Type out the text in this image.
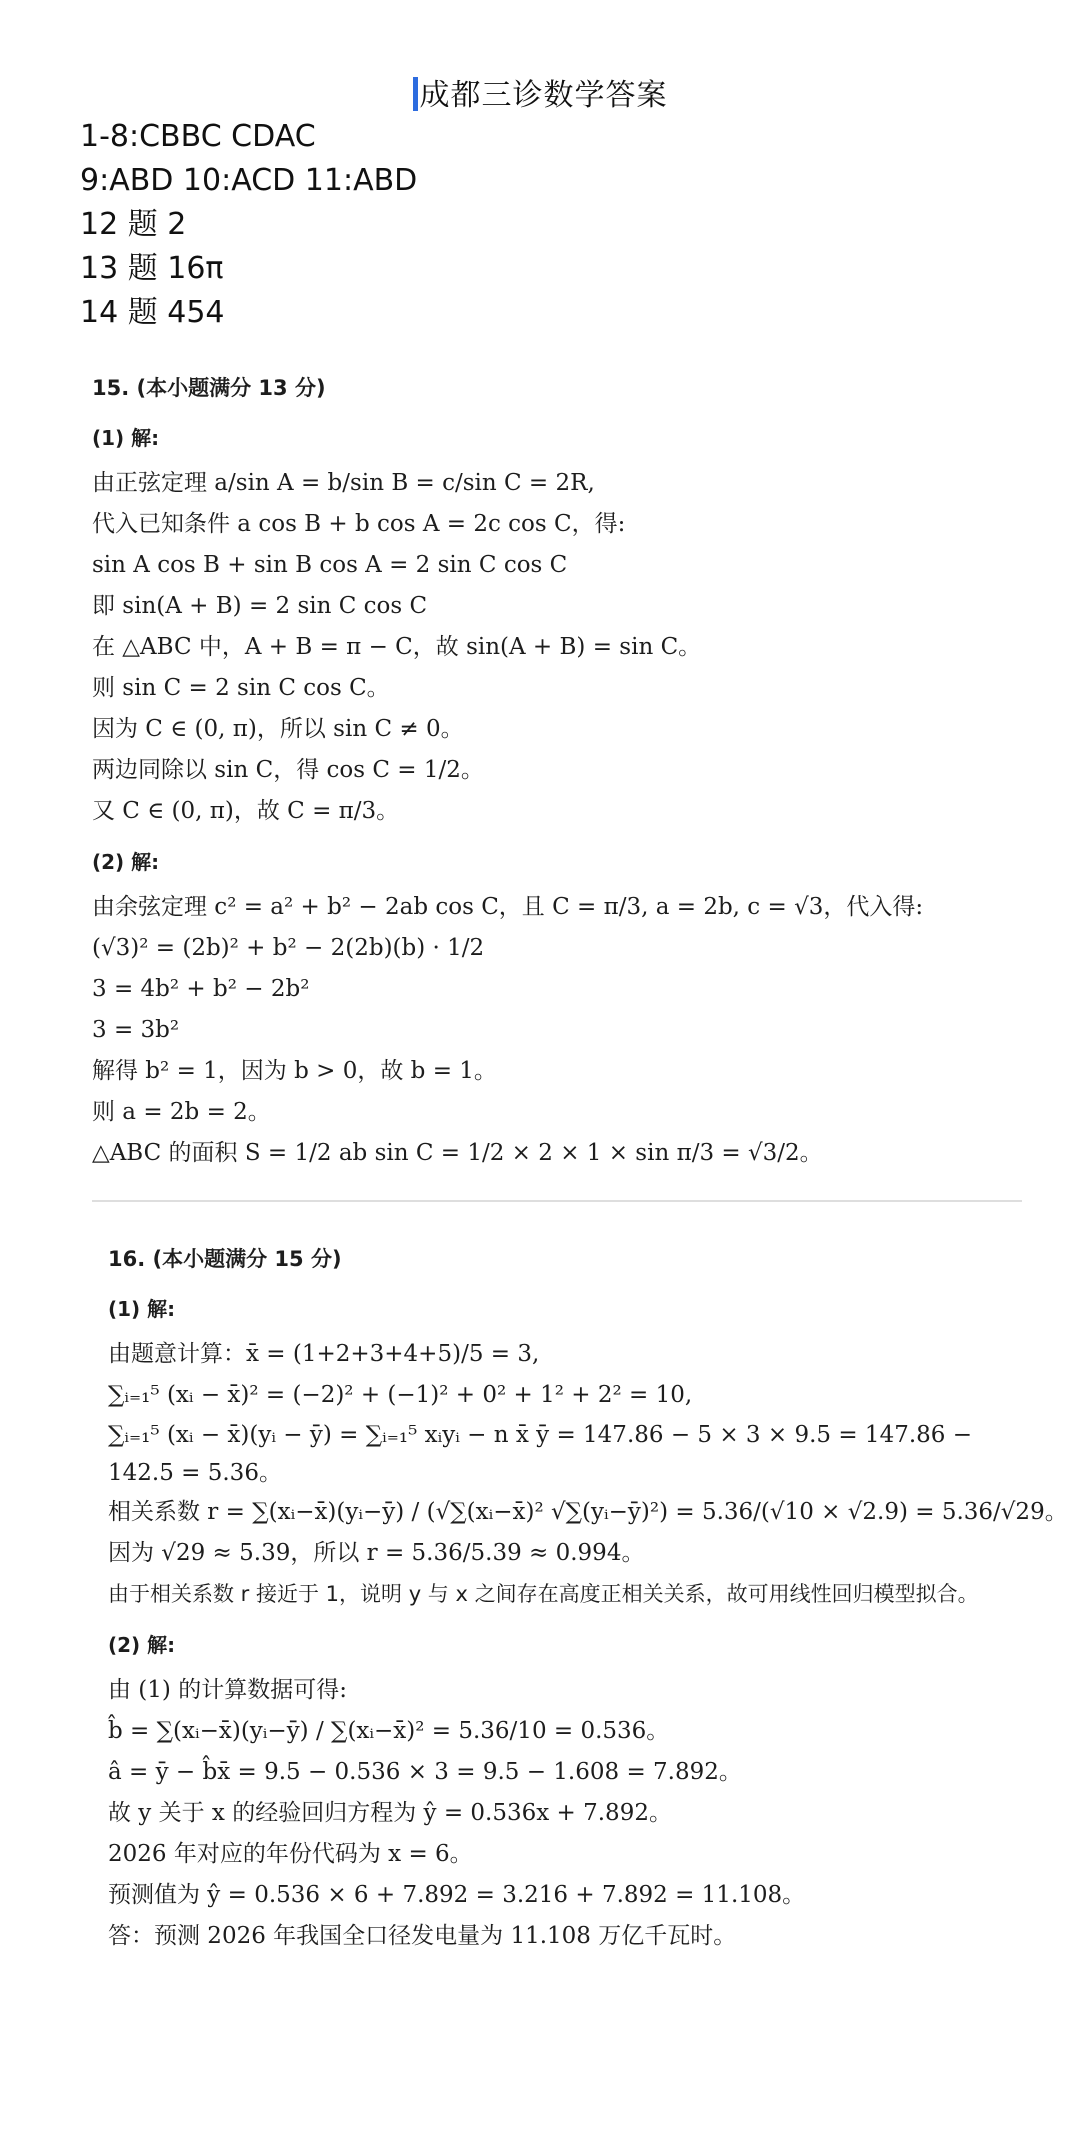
成都三诊数学答案
1-8:CBBC CDAC
9:ABD 10:ACD 11:ABD
12 题 2
13 题 16π
14 题 454
15. (本小题满分 13 分)
(1) 解:
由正弦定理 a/sin A = b/sin B = c/sin C = 2R,
代入已知条件 a cos B + b cos A = 2c cos C，得:
sin A cos B + sin B cos A = 2 sin C cos C
即 sin(A + B) = 2 sin C cos C
在 △ABC 中，A + B = π − C，故 sin(A + B) = sin C。
则 sin C = 2 sin C cos C。
因为 C ∈ (0, π)，所以 sin C ≠ 0。
两边同除以 sin C，得 cos C = 1/2。
又 C ∈ (0, π)，故 C = π/3。
(2) 解:
由余弦定理 c² = a² + b² − 2ab cos C，且 C = π/3, a = 2b, c = √3，代入得:
(√3)² = (2b)² + b² − 2(2b)(b) · 1/2
3 = 4b² + b² − 2b²
3 = 3b²
解得 b² = 1，因为 b > 0，故 b = 1。
则 a = 2b = 2。
△ABC 的面积 S = 1/2 ab sin C = 1/2 × 2 × 1 × sin π/3 = √3/2。
16. (本小题满分 15 分)
(1) 解:
由题意计算：x̄ = (1+2+3+4+5)/5 = 3,
∑ᵢ₌₁⁵ (xᵢ − x̄)² = (−2)² + (−1)² + 0² + 1² + 2² = 10,
∑ᵢ₌₁⁵ (xᵢ − x̄)(yᵢ − ȳ) = ∑ᵢ₌₁⁵ xᵢyᵢ − n x̄ ȳ = 147.86 − 5 × 3 × 9.5 = 147.86 − 142.5 = 5.36。
相关系数 r = ∑(xᵢ−x̄)(yᵢ−ȳ) / (√∑(xᵢ−x̄)² √∑(yᵢ−ȳ)²) = 5.36/(√10 × √2.9) = 5.36/√29。
因为 √29 ≈ 5.39，所以 r = 5.36/5.39 ≈ 0.994。
由于相关系数 r 接近于 1，说明 y 与 x 之间存在高度正相关关系，故可用线性回归模型拟合。
(2) 解:
由 (1) 的计算数据可得:
b̂ = ∑(xᵢ−x̄)(yᵢ−ȳ) / ∑(xᵢ−x̄)² = 5.36/10 = 0.536。
â = ȳ − b̂x̄ = 9.5 − 0.536 × 3 = 9.5 − 1.608 = 7.892。
故 y 关于 x 的经验回归方程为 ŷ = 0.536x + 7.892。
2026 年对应的年份代码为 x = 6。
预测值为 ŷ = 0.536 × 6 + 7.892 = 3.216 + 7.892 = 11.108。
答：预测 2026 年我国全口径发电量为 11.108 万亿千瓦时。
